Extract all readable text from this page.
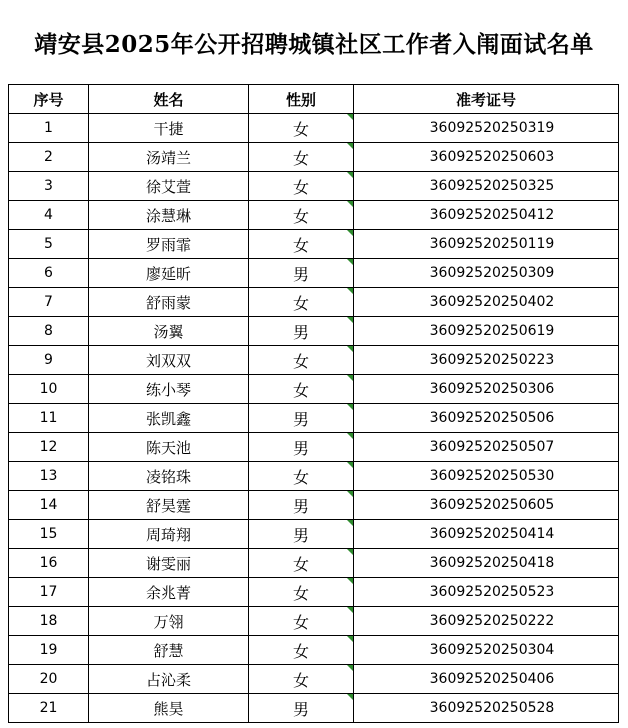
靖安县2025年公开招聘城镇社区工作者入闱面试名单
序号	姓名	性别	准考证号
1	干捷	女	36092520250319
2	汤靖兰	女	36092520250603
3	徐艾萱	女	36092520250325
4	涂慧琳	女	36092520250412
5	罗雨霏	女	36092520250119
6	廖延昕	男	36092520250309
7	舒雨蒙	女	36092520250402
8	汤翼	男	36092520250619
9	刘双双	女	36092520250223
10	练小琴	女	36092520250306
11	张凯鑫	男	36092520250506
12	陈天池	男	36092520250507
13	凌铭珠	女	36092520250530
14	舒昊霆	男	36092520250605
15	周琦翔	男	36092520250414
16	谢雯丽	女	36092520250418
17	余兆菁	女	36092520250523
18	万翎	女	36092520250222
19	舒慧	女	36092520250304
20	占沁柔	女	36092520250406
21	熊昊	男	36092520250528
